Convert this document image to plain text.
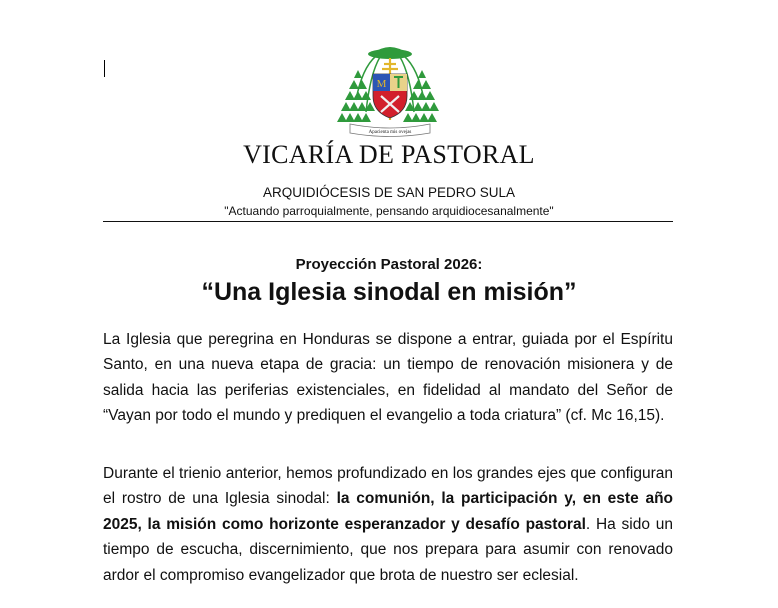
M
Apacienta mis ovejas
VICARÍA DE PASTORAL
ARQUIDIÓCESIS DE SAN PEDRO SULA
"Actuando parroquialmente, pensando arquidiocesanalmente"
Proyección Pastoral 2026:
“Una Iglesia sinodal en misión”

La Iglesia que peregrina en Honduras se dispone a entrar, guiada por el Espíritu Santo, en una nueva etapa de gracia: un tiempo de renovación misionera y de salida hacia las periferias existenciales, en fidelidad al mandato del Señor de “Vayan por todo el mundo y prediquen el evangelio a toda criatura” (cf. Mc 16,15).

Durante el trienio anterior, hemos profundizado en los grandes ejes que configuran el rostro de una Iglesia sinodal: la comunión, la participación y, en este año 2025, la misión como horizonte esperanzador y desafío pastoral. Ha sido un tiempo de escucha, discernimiento, que nos prepara para asumir con renovado ardor el compromiso evangelizador que brota de nuestro ser eclesial.
